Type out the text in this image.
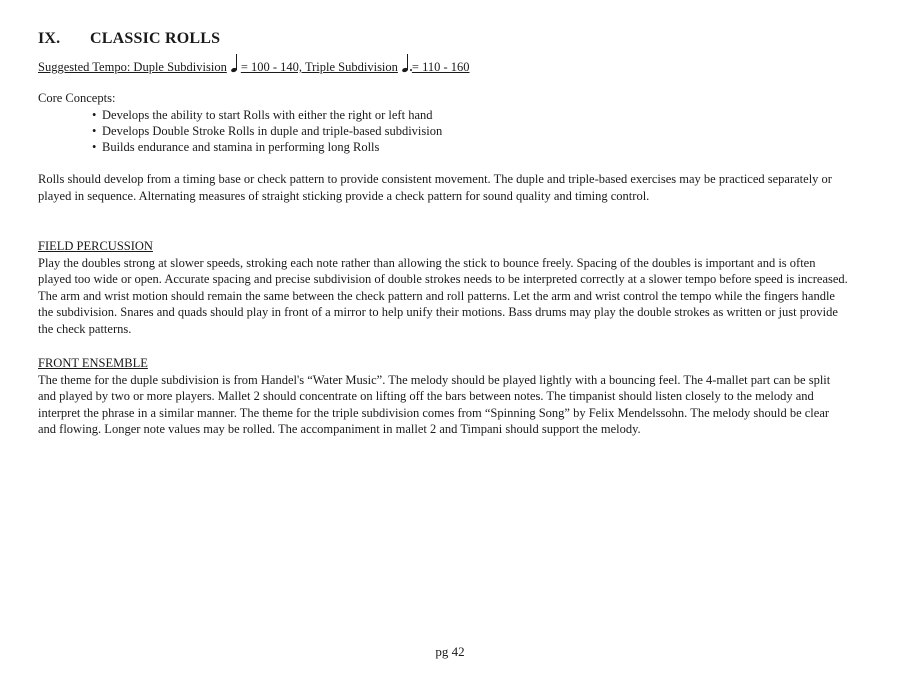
IX.	CLASSIC ROLLS
Suggested Tempo: Duple Subdivision = 100 - 140, Triple Subdivision = 110 - 160
Core Concepts:
• Develops the ability to start Rolls with either the right or left hand
• Develops Double Stroke Rolls in duple and triple-based subdivision
• Builds endurance and stamina in performing long Rolls

Rolls should develop from a timing base or check pattern to provide consistent movement. The duple and triple-based exercises may be practiced separately or played in sequence. Alternating measures of straight sticking provide a check pattern for sound quality and timing control.

FIELD PERCUSSION

Play the doubles strong at slower speeds, stroking each note rather than allowing the stick to bounce freely. Spacing of the doubles is important and is often played too wide or open. Accurate spacing and precise subdivision of double strokes needs to be interpreted correctly at a slower tempo before speed is increased. The arm and wrist motion should remain the same between the check pattern and roll patterns. Let the arm and wrist control the tempo while the fingers handle the subdivision. Snares and quads should play in front of a mirror to help unify their motions. Bass drums may play the double strokes as written or just provide the check patterns.

FRONT ENSEMBLE

The theme for the duple subdivision is from Handel's “Water Music”. The melody should be played lightly with a bouncing feel. The 4-mallet part can be split and played by two or more players. Mallet 2 should concentrate on lifting off the bars between notes. The timpanist should listen closely to the melody and interpret the phrase in a similar manner. The theme for the triple subdivision comes from “Spinning Song” by Felix Mendelssohn. The melody should be clear and flowing. Longer note values may be rolled. The accompaniment in mallet 2 and Timpani should support the melody.

pg 42
